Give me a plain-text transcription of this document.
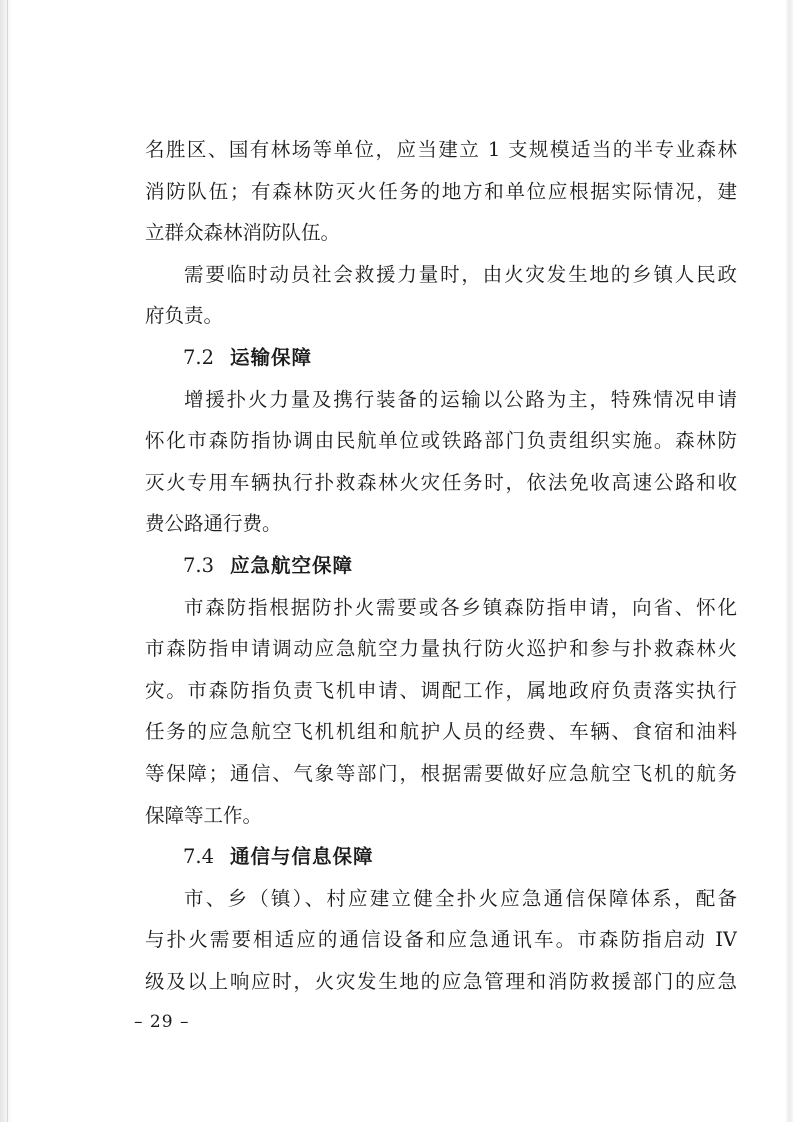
名胜区、国有林场等单位，应当建立 1 支规模适当的半专业森林
消防队伍；有森林防灭火任务的地方和单位应根据实际情况，建
立群众森林消防队伍。
需要临时动员社会救援力量时，由火灾发生地的乡镇人民政
府负责。
7.2 运输保障
增援扑火力量及携行装备的运输以公路为主，特殊情况申请
怀化市森防指协调由民航单位或铁路部门负责组织实施。森林防
灭火专用车辆执行扑救森林火灾任务时，依法免收高速公路和收
费公路通行费。
7.3 应急航空保障
市森防指根据防扑火需要或各乡镇森防指申请，向省、怀化
市森防指申请调动应急航空力量执行防火巡护和参与扑救森林火
灾。市森防指负责飞机申请、调配工作，属地政府负责落实执行
任务的应急航空飞机机组和航护人员的经费、车辆、食宿和油料
等保障；通信、气象等部门，根据需要做好应急航空飞机的航务
保障等工作。
7.4 通信与信息保障
市、乡（镇）、村应建立健全扑火应急通信保障体系，配备
与扑火需要相适应的通信设备和应急通讯车。市森防指启动 IV
级及以上响应时，火灾发生地的应急管理和消防救援部门的应急
– 29 –
